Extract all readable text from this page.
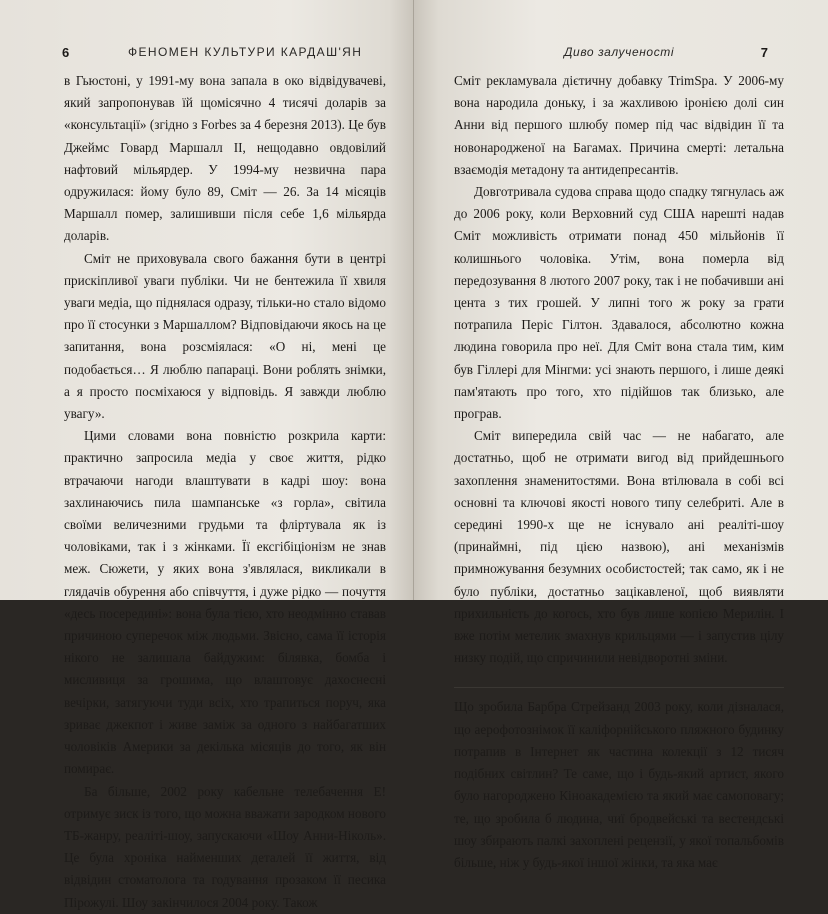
6	ФЕНОМЕН КУЛЬТУРИ КАРДАШ'ЯН

в Гьюстоні, у 1991-му вона запала в око відвідувачеві, який запропонував їй щомісячно 4 тисячі доларів за «консультації» (згідно з Forbes за 4 березня 2013). Це був Джеймс Говард Маршалл II, нещодавно овдовілий нафтовий мільярдер. У 1994-му незвична пара одружилася: йому було 89, Сміт — 26. За 14 місяців Маршалл помер, залишивши після себе 1,6 мільярда доларів.

Сміт не приховувала свого бажання бути в центрі прискіпливої уваги публіки. Чи не бентежила її хвиля уваги медіа, що піднялася одразу, тільки-но стало відомо про її стосунки з Маршаллом? Відповідаючи якось на це запитання, вона розсміялася: «О ні, мені це подобається… Я люблю папараці. Вони роблять знімки, а я просто посміхаюся у відповідь. Я завжди люблю увагу».

Цими словами вона повністю розкрила карти: практично запросила медіа у своє життя, рідко втрачаючи нагоди влаштувати в кадрі шоу: вона захлинаючись пила шампанське «з горла», світила своїми величезними грудьми та фліртувала як із чоловіками, так і з жінками. Її ексгібіціонізм не знав меж. Сюжети, у яких вона з'являлася, викликали в глядачів обурення або співчуття, і дуже рідко — почуття «десь посередині»: вона була тією, хто неодмінно ставав причиною суперечок між людьми. Звісно, сама її історія нікого не залишала байдужим: білявка, бомба і мисливиця за грошима, що влаштовує дахоснесні вечірки, затягуючи туди всіх, хто трапиться поруч, яка зриває джекпот і живе заміж за одного з найбагатших чоловіків Америки за декілька місяців до того, як він помирає.

Ба більше, 2002 року кабельне телебачення E! отримує зиск із того, що можна вважати зародком нового ТБ-жанру, реаліті-шоу, запускаючи «Шоу Анни-Ніколь». Це була хроніка найменших деталей її життя, від відвідин стоматолога та годування прозаком її песика Пірожулі. Шоу закінчилося 2004 року. Також

Диво залученості	7

Сміт рекламувала дієтичну добавку TrimSpa. У 2006-му вона народила доньку, і за жахливою іронією долі син Анни від першого шлюбу помер під час відвідин її та новонародженої на Багамах. Причина смерті: летальна взаємодія метадону та антидепресантів.

Довготривала судова справа щодо спадку тягнулась аж до 2006 року, коли Верховний суд США нарешті надав Сміт можливість отримати понад 450 мільйонів її колишнього чоловіка. Утім, вона померла від передозування 8 лютого 2007 року, так і не побачивши ані цента з тих грошей. У липні того ж року за грати потрапила Періс Гілтон. Здавалося, абсолютно кожна людина говорила про неї. Для Сміт вона стала тим, ким був Гіллері для Мінгми: усі знають першого, і лише деякі пам'ятають про того, хто підійшов так близько, але програв.

Сміт випередила свій час — не набагато, але достатньо, щоб не отримати вигод від прийдешнього захоплення знаменитостями. Вона втілювала в собі всі основні та ключові якості нового типу селебриті. Але в середині 1990-х ще не існувало ані реаліті-шоу (принаймні, під цією назвою), ані механізмів примножування безумних особистостей; так само, як і не було публіки, достатньо зацікавленої, щоб виявляти прихильність до когось, хто був лише копією Мерилін. І вже потім метелик змахнув крильцями — і запустив цілу низку подій, що спричинили невідворотні зміни.

Що зробила Барбра Стрейзанд 2003 року, коли дізналася, що аерофотознімок її каліфорнійського пляжного будинку потрапив в Інтернет як частина колекції з 12 тисяч подібних світлин? Те саме, що і будь-який артист, якого було нагороджено Кіноакадемією та який має самоповагу; те, що зробила б людина, чиї бродвейські та вестендські шоу збирають палкі захоплені рецензії, у якої топальбомів більше, ніж у будь-якої іншої жінки, та яка має
